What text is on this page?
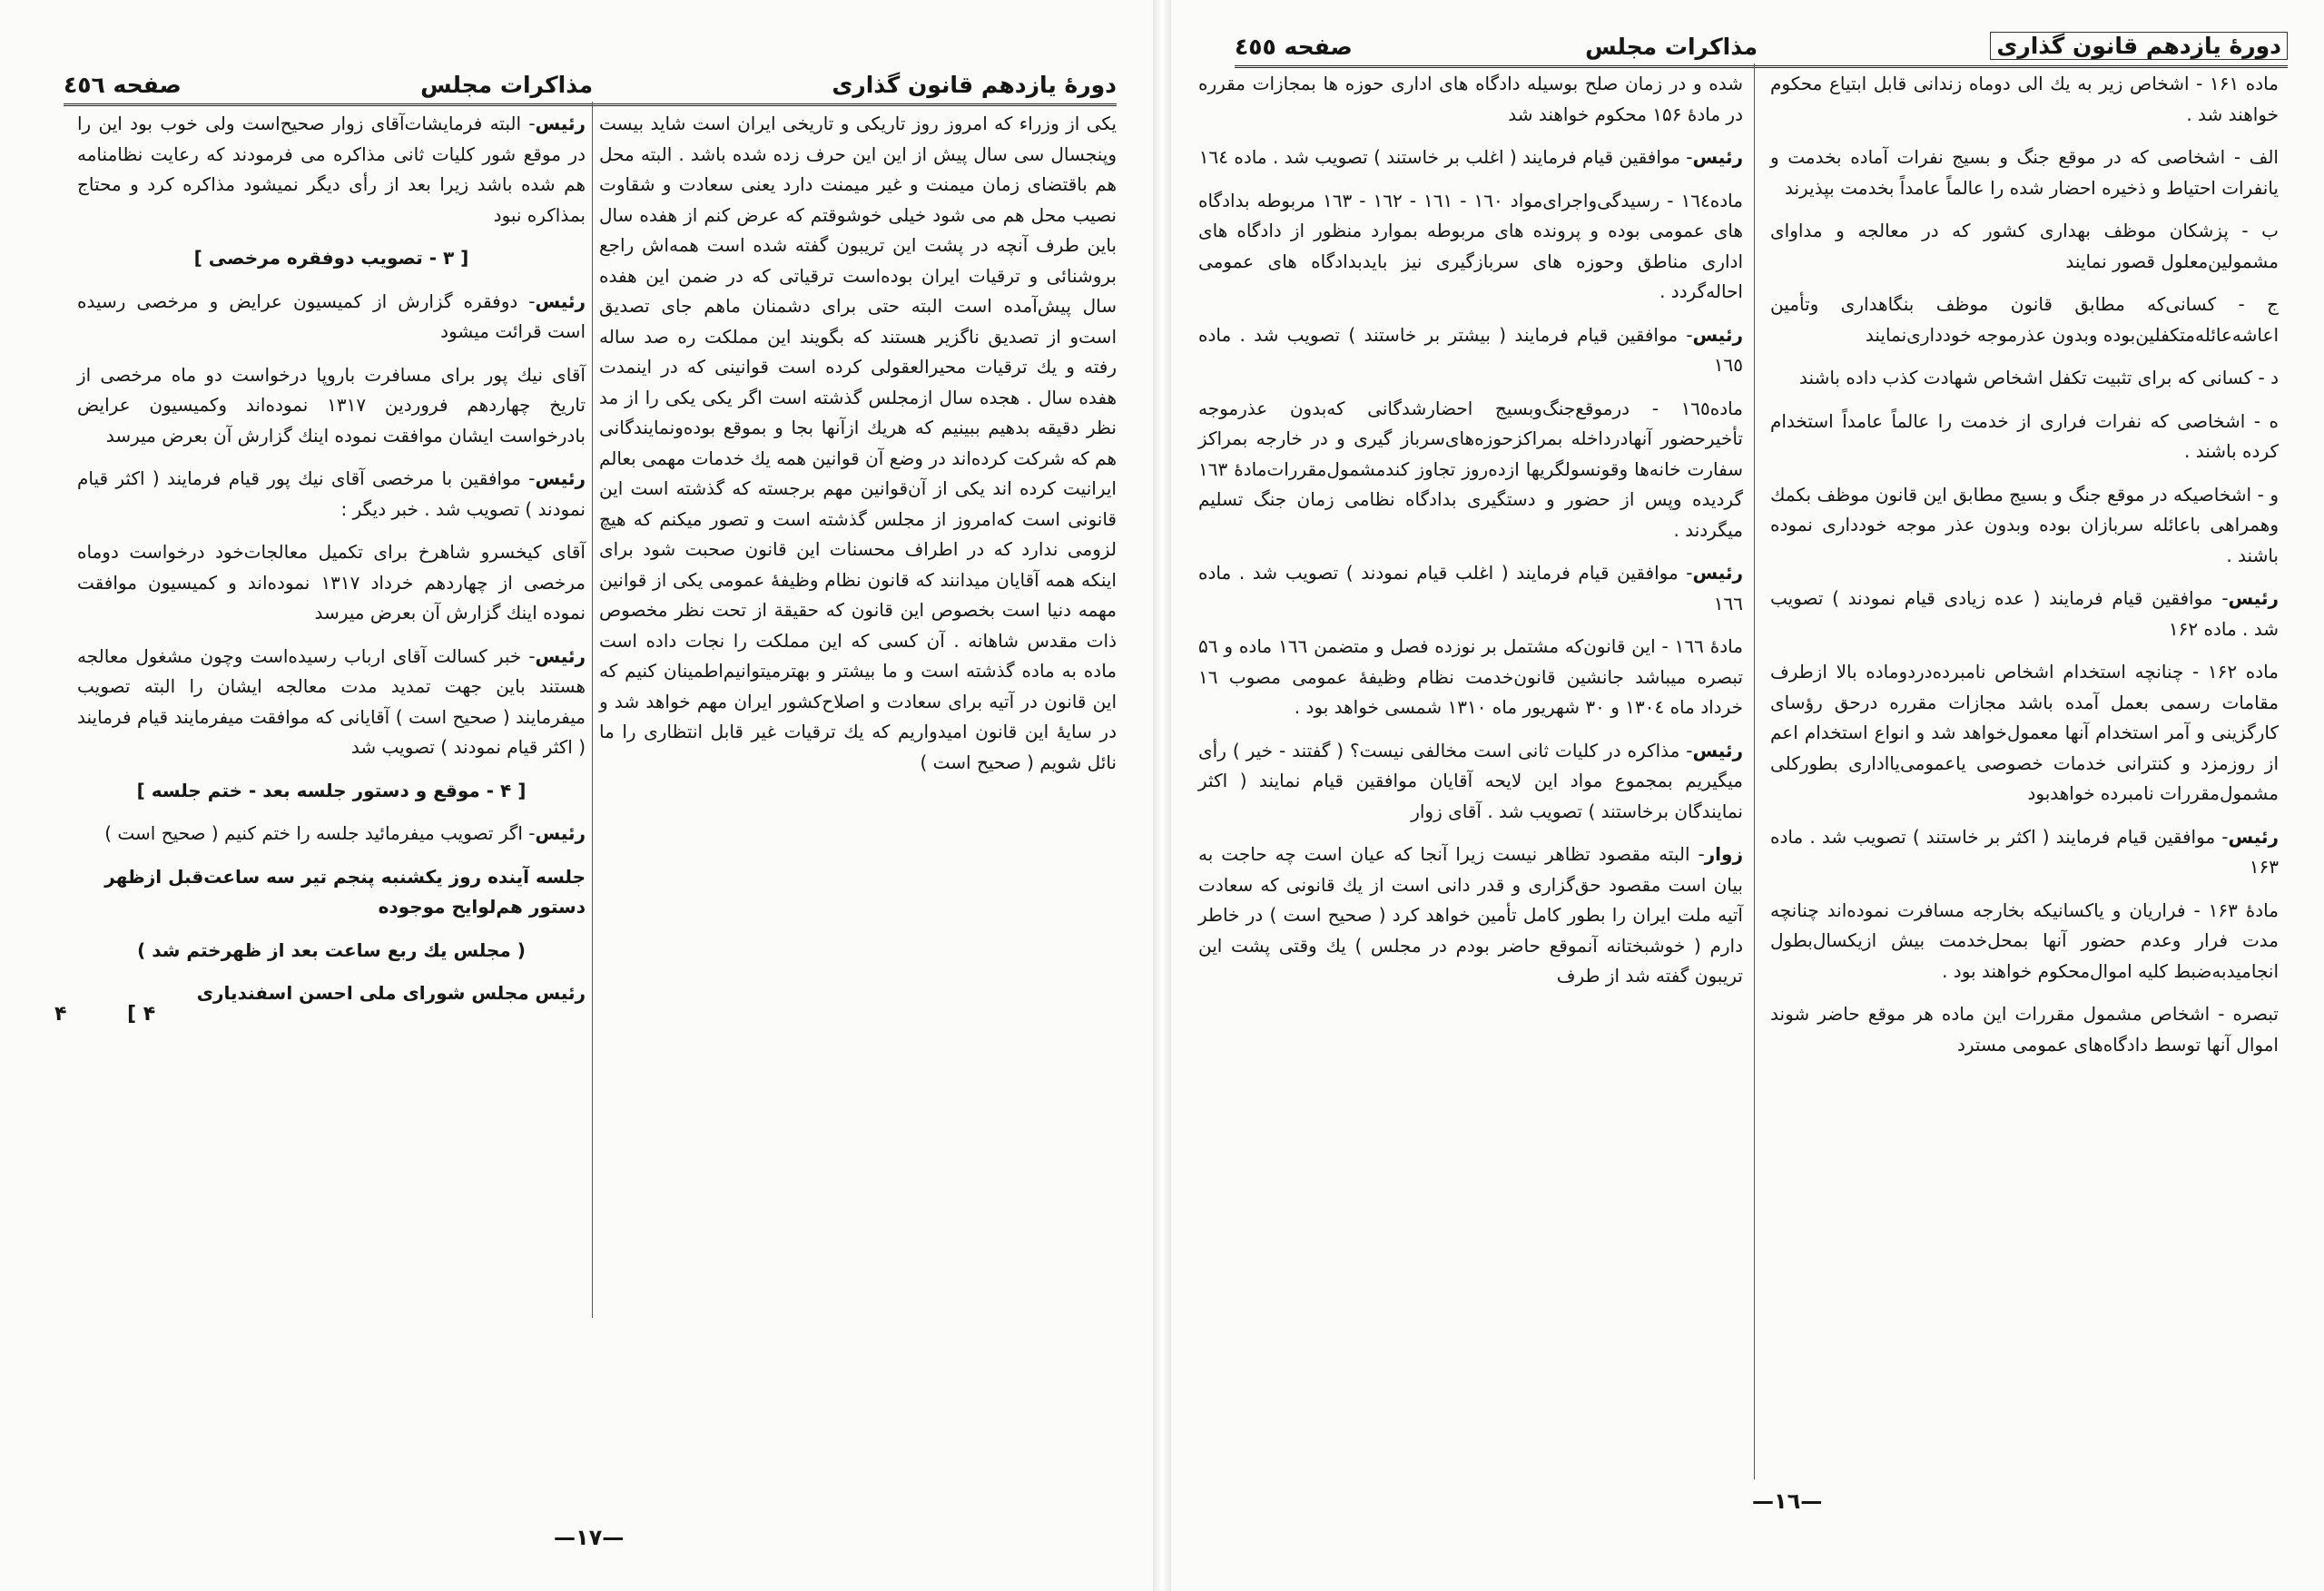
دورهٔ یازدهم قانون گذاری
مذاکرات مجلس
صفحه ٤٥٦

یکی از وزراء که امروز روز تاریکی و تاریخی ایران است شاید بیست وپنجسال سی سال پیش از این این حرف زده شده باشد . البته محل هم باقتضای زمان میمنت و غیر میمنت دارد یعنی سعادت و شقاوت نصیب محل هم می شود خیلی خوشوقتم که عرض کنم از هفده سال باین طرف آنچه در پشت این تریبون گفته شده است همه‌اش راجع بروشنائی و ترقیات ایران بوده‌است ترقیاتی که در ضمن این هفده سال پیش‌آمده است البته حتی برای دشمنان ماهم جای تصدیق است‌و از تصدیق ناگزیر هستند که بگویند این مملکت ره صد ساله رفته و یك ترقیات محیرالعقولی کرده است قوانینی که در اینمدت هفده سال . هجده سال ازمجلس گذشته است اگر یکی یکی را از مد نظر دقیقه بدهیم ببینیم که هریك ازآنها بجا و بموقع بوده‌ونمایندگانی هم که شرکت کرده‌اند در وضع آن قوانین همه یك خدمات مهمی بعالم ایرانیت کرده اند یکی از آن‌قوانین مهم برجسته که گذشته است این قانونی است که‌امروز از مجلس گذشته است و تصور میکنم که هیچ لزومی ندارد که در اطراف محسنات این قانون صحبت شود برای اینکه همه آقایان میدانند که قانون نظام وظیفهٔ عمومی یکی از قوانین مهمه دنیا است بخصوص این قانون که حقیقة از تحت نظر مخصوص ذات مقدس شاهانه . آن کسی که این مملکت را نجات داده است ماده به ماده گذشته است و ما بیشتر و بهترمیتوانیم‌اطمینان کنیم که این قانون در آتیه برای سعادت و اصلاح‌کشور ایران مهم خواهد شد و در سایهٔ این قانون امیدواریم که یك ترقیات غیر قابل انتظاری را ما نائل شویم ( صحیح است )

رئیس- البته فرمایشات‌آقای زوار صحیح‌است ولی خوب بود این را در موقع شور کلیات ثانی مذاکره می فرمودند که رعایت نظامنامه هم شده باشد زیرا بعد از رأی دیگر نمیشود مذاکره کرد و محتاج بمذاکره نبود

[ ۳ - تصویب دوفقره مرخصی ]

رئیس- دوفقره گزارش از کمیسیون عرایض و مرخصی رسیده است قرائت میشود

آقای نیك پور برای مسافرت باروپا درخواست دو ماه مرخصی از تاریخ چهاردهم فروردین ۱۳۱۷ نموده‌اند وکمیسیون عرایض بادرخواست ایشان موافقت نموده اینك گزارش آن بعرض میرسد

رئیس- موافقین با مرخصی آقای نیك پور قیام فرمایند ( اکثر قیام نمودند ) تصویب شد . خبر دیگر :

آقای کیخسرو شاهرخ برای تکمیل معالجات‌خود درخواست دوماه مرخصی از چهاردهم خرداد ۱۳۱۷ نموده‌اند و کمیسیون موافقت نموده اینك گزارش آن بعرض میرسد

رئیس- خبر کسالت آقای ارباب رسیده‌است وچون مشغول معالجه هستند باین جهت تمدید مدت معالجه ایشان را البته تصویب میفرمایند ( صحیح است ) آقایانی که موافقت میفرمایند قیام فرمایند ( اکثر قیام نمودند ) تصویب شد

[ ۴ - موقع و دستور جلسه بعد - ختم جلسه ]

رئیس- اگر تصویب میفرمائید جلسه را ختم کنیم ( صحیح است )

جلسه آینده روز یکشنبه پنجم تیر سه ساعت‌قبل ازظهر دستور هم‌لوایح موجوده

( مجلس یك ربع ساعت بعد از ظهرختم شد )

رئیس مجلس شورای ملی احسن اسفندیاری

۴	[ ۴
—۱۷—
دورهٔ یازدهم قانون گذاری
مذاکرات مجلس
صفحه ٤٥٥

ماده ۱۶۱ - اشخاص زیر به یك الی دوماه زندانی قابل ابتیاع محکوم خواهند شد .

الف - اشخاصی که در موقع جنگ و بسیج نفرات آماده بخدمت و یانفرات احتیاط و ذخیره احضار شده را عالماً عامداً بخدمت بپذیرند

ب - پزشکان موظف بهداری کشور که در معالجه و مداوای مشمولین‌معلول قصور نمایند

ج - کسانی‌که مطابق قانون موظف بنگاهداری وتأمین اعاشه‌عائله‌متکفلین‌بوده وبدون عذرموجه خودداری‌نمایند

د - کسانی که برای تثبیت تکفل اشخاص شهادت کذب داده باشند

ه - اشخاصی که نفرات فراری از خدمت را عالماً عامداً استخدام کرده باشند .

و - اشخاصیکه در موقع جنگ و بسیج مطابق این قانون موظف بکمك وهمراهی باعائله سربازان بوده وبدون عذر موجه خودداری نموده باشند .

رئیس- موافقین قیام فرمایند ( عده زیادی قیام نمودند ) تصویب شد . ماده ۱۶۲

ماده ۱۶۲ - چنانچه استخدام اشخاص نامبرده‌دردوماده بالا ازطرف مقامات رسمی بعمل آمده باشد مجازات مقرره درحق رؤسای کارگزینی و آمر استخدام آنها معمول‌خواهد شد و انواع استخدام اعم از روزمزد و کنترانی خدمات خصوصی یاعمومی‌یااداری بطورکلی مشمول‌مقررات نامبرده خواهدبود

رئیس- موافقین قیام فرمایند ( اکثر بر خاستند ) تصویب شد . ماده ۱۶۳

مادهٔ ۱۶۳ - فراریان و یاکسانیکه بخارجه مسافرت نموده‌اند چنانچه مدت فرار وعدم حضور آنها بمحل‌خدمت بیش ازیکسال‌بطول انجامید‌به‌ضبط کلیه اموال‌محکوم خواهند بود .

تبصره - اشخاص مشمول مقررات این ماده هر موقع حاضر شوند اموال آنها توسط دادگاه‌های عمومی مسترد

شده و در زمان صلح بوسیله دادگاه های اداری حوزه ها بمجازات مقرره در مادهٔ ۱۵۶ محکوم خواهند شد

رئیس- موافقین قیام فرمایند ( اغلب بر خاستند ) تصویب شد . ماده ۱٦٤

ماده۱٦٤ - رسیدگی‌واجرای‌مواد ۱٦۰ - ۱٦۱ - ۱٦۲ - ۱٦۳ مربوطه بدادگاه های عمومی بوده و پرونده های مربوطه بموارد منظور از دادگاه های اداری مناطق وحوزه های سربازگیری نیز بایدبدادگاه های عمومی احاله‌گردد .

رئیس- موافقین قیام فرمایند ( بیشتر بر خاستند ) تصویب شد . ماده ۱٦٥

ماده۱٦٥ - درموقع‌جنگ‌وبسیج احضارشدگانی که‌بدون عذرموجه تأخیرحضور آنهادرداخله بمراکزحوزه‌های‌سرباز گیری و در خارجه بمراکز سفارت خانه‌ها وقونسولگریها ازده‌روز تجاوز کندمشمول‌مقررات‌مادهٔ ۱٦۳ گردیده وپس از حضور و دستگیری بدادگاه نظامی زمان جنگ تسلیم میگردند .

رئیس- موافقین قیام فرمایند ( اغلب قیام نمودند ) تصویب شد . ماده ۱٦٦

مادهٔ ۱٦٦ - این قانون‌که مشتمل بر نوزده فصل و متضمن ۱٦٦ ماده و ۵٦ تبصره میباشد جانشین قانون‌خدمت نظام وظیفهٔ عمومی مصوب ۱٦ خرداد ماه ۱۳۰٤ و ۳۰ شهریور ماه ۱۳۱۰ شمسی خواهد بود .

رئیس- مذاکره در کلیات ثانی است مخالفی نیست؟ ( گفتند - خیر ) رأی میگیریم بمجموع مواد این لایحه آقایان موافقین قیام نمایند ( اکثر نمایندگان برخاستند ) تصویب شد . آقای زوار

زوار- البته مقصود تظاهر نیست زیرا آنجا که عیان است چه حاجت به بیان است مقصود حق‌گزاری و قدر دانی است از یك قانونی که سعادت آتیه ملت ایران را بطور کامل تأمین خواهد کرد ( صحیح است ) در خاطر دارم ( خوشبختانه آنموقع حاضر بودم در مجلس ) یك وقتی پشت این تریبون گفته شد از طرف

—۱٦—
